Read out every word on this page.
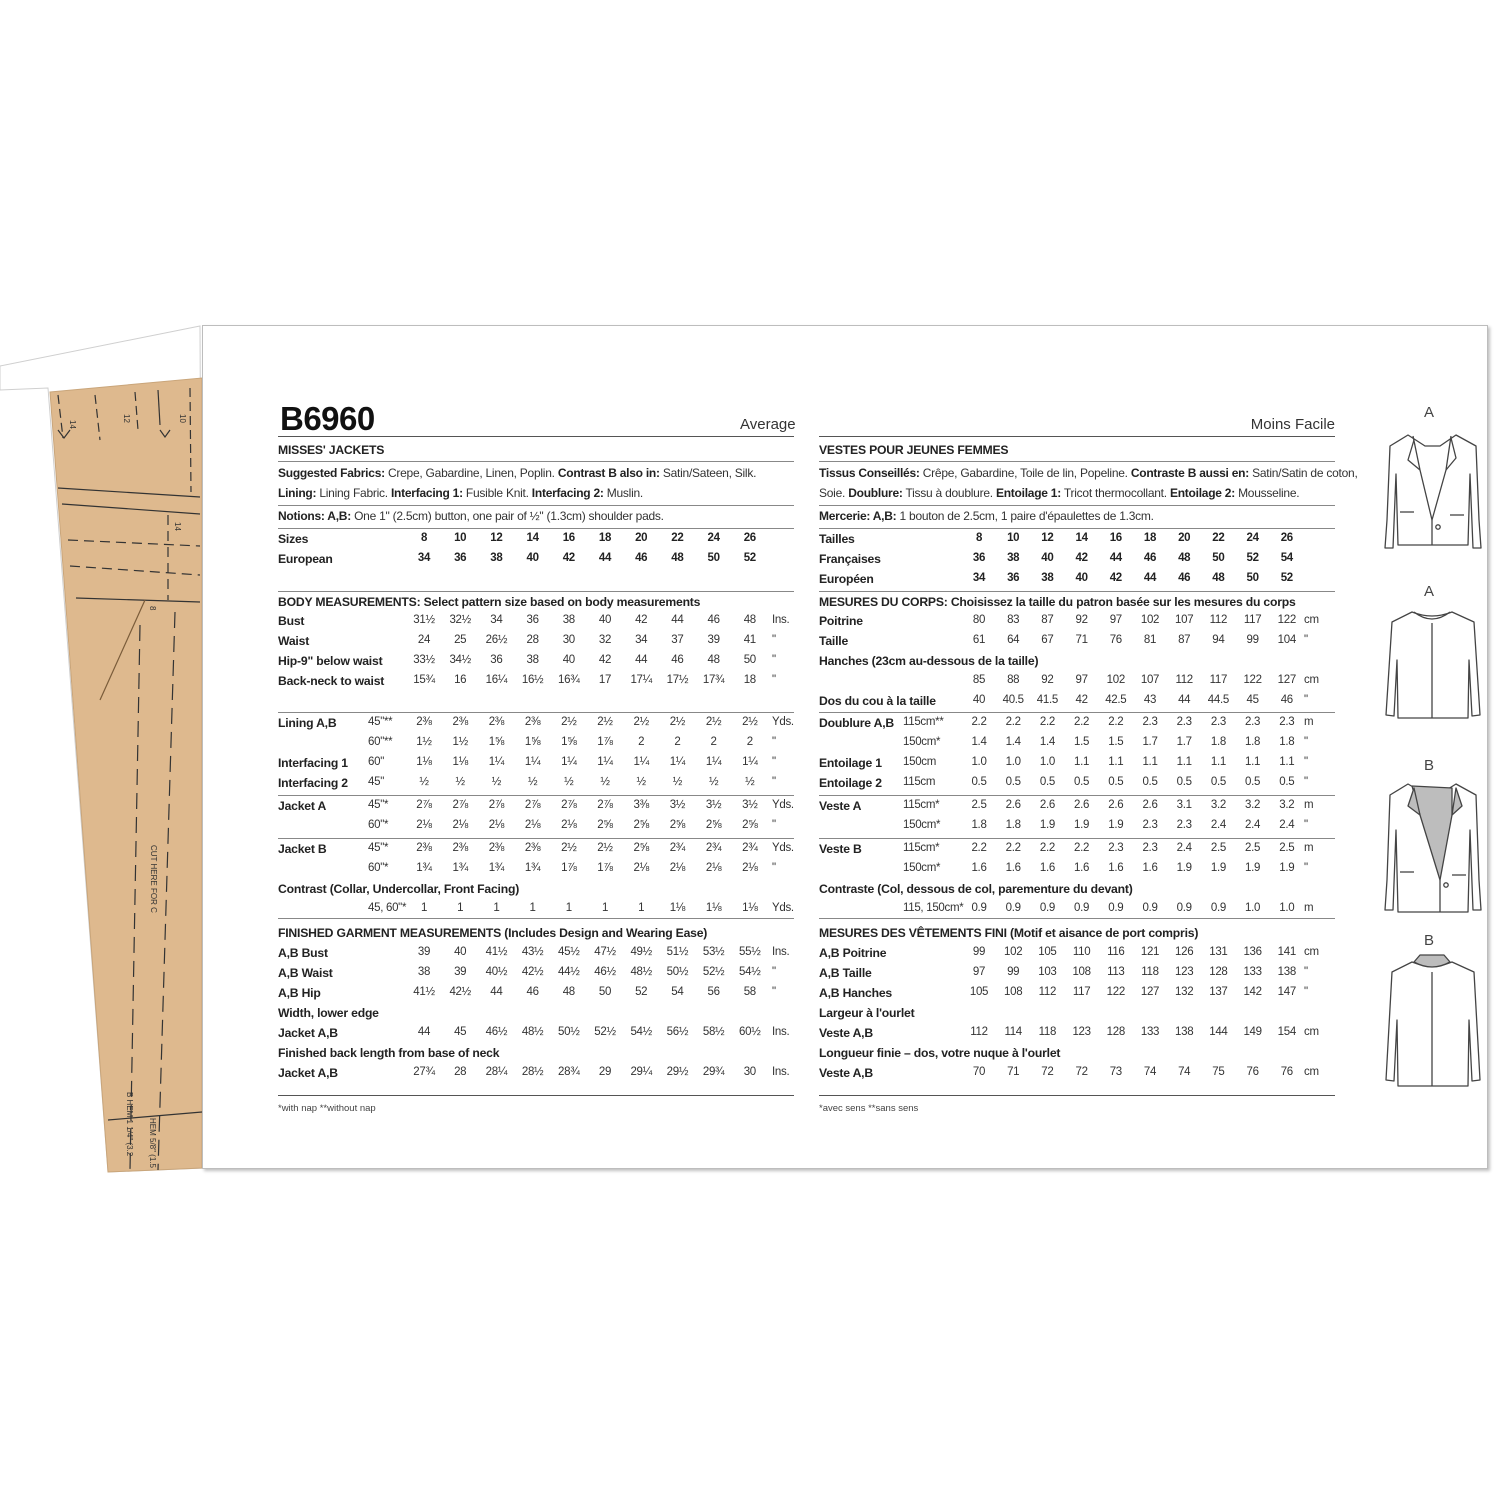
14
12	10
14
8
CUT HERE FOR C
B HEM 1 1/4" (3.2 HEM 5/8" (1.5
B6960	Average	Moins Facile
MISSES' JACKETS
Suggested Fabrics: Crepe, Gabardine, Linen, Poplin. Contrast B also in: Satin/Sateen, Silk.
Lining: Lining Fabric. Interfacing 1: Fusible Knit. Interfacing 2: Muslin.
Notions: A,B: One 1" (2.5cm) button, one pair of ½" (1.3cm) shoulder pads.
Sizes	8	10	12	14	16	18	20	22	24	26
European	34	36	38	40	42	44	46	48	50	52
BODY MEASUREMENTS: Select pattern size based on body measurements
Bust	31½	32½	34	36	38	40	42	44	46	48	Ins.
Waist	24	25	26½	28	30	32	34	37	39	41	"
Hip-9" below waist	33½	34½	36	38	40	42	44	46	48	50	"
Back-neck to waist	15¾	16	16¼	16½	16¾	17	17¼	17½	17¾	18	"
Lining A,B	45"**	2⅜	2⅜	2⅜	2⅜	2½	2½	2½	2½	2½	2½	Yds.
60"**	1½	1½	1⅝	1⅝	1⅝	1⅞	2	2	2	2	"
Interfacing 1 60"	1⅛	1⅛	1¼	1¼	1¼	1¼	1¼	1¼	1¼	1¼	"
Interfacing 2 45"	½	½	½	½	½	½	½	½	½	½	"
Jacket A	45"*	2⅞	2⅞	2⅞	2⅞	2⅞	2⅞	3⅜	3½	3½	3½	Yds.
60"*	2⅛	2⅛	2⅛	2⅛	2⅛	2⅝	2⅝	2⅝	2⅝	2⅝	"
Jacket B	45"*	2⅜	2⅜	2⅜	2⅜	2½	2½	2⅝	2¾	2¾	2¾	Yds.
60"*	1¾	1¾	1¾	1¾	1⅞	1⅞	2⅛	2⅛	2⅛	2⅛	"
Contrast (Collar, Undercollar, Front Facing)
45, 60"*	1	1	1	1	1	1	1	1⅛	1⅛	1⅛	Yds.
FINISHED GARMENT MEASUREMENTS (Includes Design and Wearing Ease)
A,B Bust	39	40	41½	43½	45½	47½	49½	51½	53½	55½ Ins.
A,B Waist	38	39	40½	42½	44½	46½	48½	50½	52½	54½ "
A,B Hip	41½	42½	44	46	48	50	52	54	56	58	"
Width, lower edge
Jacket A,B	44	45	46½	48½	50½	52½	54½	56½	58½	60½ Ins.
Finished back length from base of neck
Jacket A,B	27¾	28	28¼	28½	28¾	29	29¼	29½	29¾	30	Ins.
*with nap **without nap
VESTES POUR JEUNES FEMMES
Tissus Conseillés: Crêpe, Gabardine, Toile de lin, Popeline. Contraste B aussi en: Satin/Satin de coton,
Soie. Doublure: Tissu à doublure. Entoilage 1: Tricot thermocollant. Entoilage 2: Mousseline.
Mercerie: A,B: 1 bouton de 2.5cm, 1 paire d'épaulettes de 1.3cm.
Tailles	8	10	12	14	16	18	20	22	24	26
Françaises	36	38	40	42	44	46	48	50	52	54
Européen	34	36	38	40	42	44	46	48	50	52
MESURES DU CORPS: Choisissez la taille du patron basée sur les mesures du corps
Poitrine	80	83	87	92	97	102	107	112	117	122 cm
Taille	61	64	67	71	76	81	87	94	99	104 "
Hanches (23cm au-dessous de la taille)
85	88	92	97	102	107	112	117	122	127 cm
Dos du cou à la taille	40	40.5	41.5	42	42.5	43	44	44.5	45	46 "
Doublure A,B 115cm**	2.2	2.2	2.2	2.2	2.2	2.3	2.3	2.3	2.3	2.3 m
150cm*	1.4	1.4	1.4	1.5	1.5	1.7	1.7	1.8	1.8	1.8 "
Entoilage 1 150cm	1.0	1.0	1.0	1.1	1.1	1.1	1.1	1.1	1.1	1.1 "
Entoilage 2 115cm	0.5	0.5	0.5	0.5	0.5	0.5	0.5	0.5	0.5	0.5 "
Veste A	115cm*	2.5	2.6	2.6	2.6	2.6	2.6	3.1	3.2	3.2	3.2 m
150cm*	1.8	1.8	1.9	1.9	1.9	2.3	2.3	2.4	2.4	2.4 "
Veste B	115cm*	2.2	2.2	2.2	2.2	2.3	2.3	2.4	2.5	2.5	2.5 m
150cm*	1.6	1.6	1.6	1.6	1.6	1.6	1.9	1.9	1.9	1.9 "
Contraste (Col, dessous de col, parementure du devant)
115, 150cm* 0.9	0.9	0.9	0.9	0.9	0.9	0.9	0.9	1.0	1.0 m
MESURES DES VÊTEMENTS FINI (Motif et aisance de port compris)
A,B Poitrine	99	102	105	110	116	121	126	131	136	141 cm
A,B Taille	97	99	103	108	113	118	123	128	133	138 "
A,B Hanches	105	108	112	117	122	127	132	137	142	147 "
Largeur à l'ourlet
Veste A,B	112	114	118	123	128	133	138	144	149	154 cm
Longueur finie – dos, votre nuque à l'ourlet
Veste A,B	70	71	72	72	73	74	74	75	76	76 cm
*avec sens **sans sens
A
A
B
B
